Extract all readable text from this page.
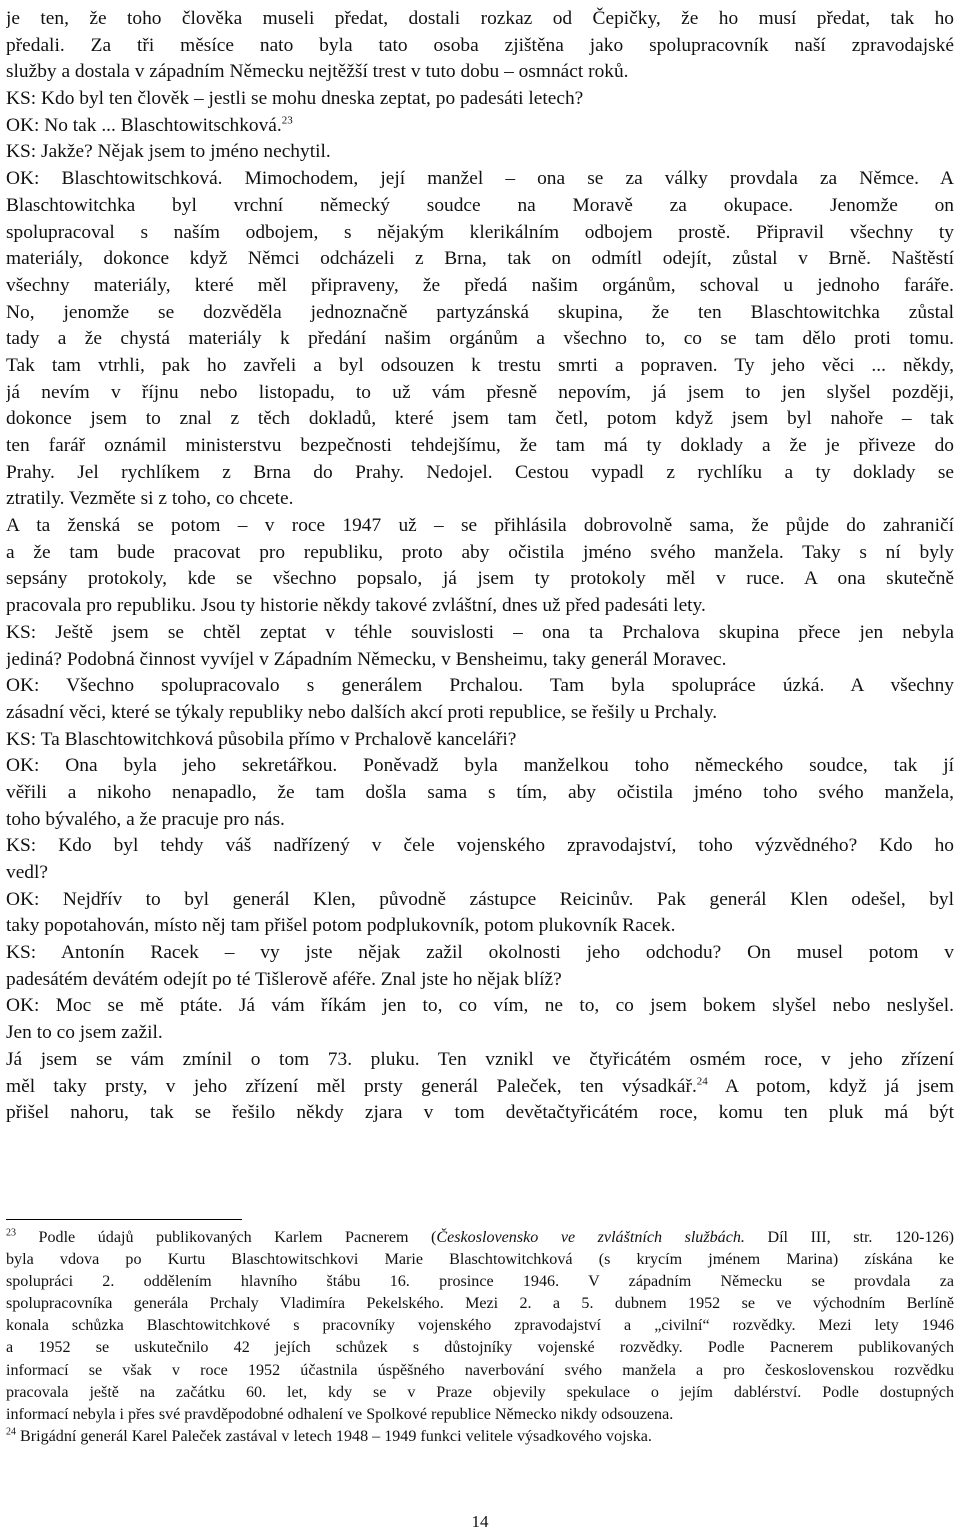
je ten, že toho člověka museli předat, dostali rozkaz od Čepičky, že ho musí předat, tak ho
předali. Za tři měsíce nato byla tato osoba zjištěna jako spolupracovník naší zpravodajské
služby a dostala v západním Německu nejtěžší trest v tuto dobu – osmnáct roků.
KS: Kdo byl ten člověk – jestli se mohu dneska zeptat, po padesáti letech?
OK: No tak ... Blaschtowitschková.$^{23}$
KS: Jakže? Nějak jsem to jméno nechytil.
OK: Blaschtowitschková. Mimochodem, její manžel – ona se za války provdala za Němce. A
Blaschtowitchka byl vrchní německý soudce na Moravě za okupace. Jenomže on
spolupracoval s naším odbojem, s nějakým klerikálním odbojem prostě. Připravil všechny ty
materiály, dokonce když Němci odcházeli z Brna, tak on odmítl odejít, zůstal v Brně. Naštěstí
všechny materiály, které měl připraveny, že předá našim orgánům, schoval u jednoho faráře.
No, jenomže se dozvěděla jednoznačně partyzánská skupina, že ten Blaschtowitchka zůstal
tady a že chystá materiály k předání našim orgánům a všechno to, co se tam dělo proti tomu.
Tak tam vtrhli, pak ho zavřeli a byl odsouzen k trestu smrti a popraven. Ty jeho věci ... někdy,
já nevím v říjnu nebo listopadu, to už vám přesně nepovím, já jsem to jen slyšel později,
dokonce jsem to znal z těch dokladů, které jsem tam četl, potom když jsem byl nahoře – tak
ten farář oznámil ministerstvu bezpečnosti tehdejšímu, že tam má ty doklady a že je přiveze do
Prahy. Jel rychlíkem z Brna do Prahy. Nedojel. Cestou vypadl z rychlíku a ty doklady se
ztratily. Vezměte si z toho, co chcete.
A ta ženská se potom – v roce 1947 už – se přihlásila dobrovolně sama, že půjde do zahraničí
a že tam bude pracovat pro republiku, proto aby očistila jméno svého manžela. Taky s ní byly
sepsány protokoly, kde se všechno popsalo, já jsem ty protokoly měl v ruce. A ona skutečně
pracovala pro republiku. Jsou ty historie někdy takové zvláštní, dnes už před padesáti lety.
KS: Ještě jsem se chtěl zeptat v téhle souvislosti – ona ta Prchalova skupina přece jen nebyla
jediná? Podobná činnost vyvíjel v Západním Německu, v Bensheimu, taky generál Moravec.
OK: Všechno spolupracovalo s generálem Prchalou. Tam byla spolupráce úzká. A všechny
zásadní věci, které se týkaly republiky nebo dalších akcí proti republice, se řešily u Prchaly.
KS: Ta Blaschtowitchková působila přímo v Prchalově kanceláři?
OK: Ona byla jeho sekretářkou. Poněvadž byla manželkou toho německého soudce, tak jí
věřili a nikoho nenapadlo, že tam došla sama s tím, aby očistila jméno toho svého manžela,
toho bývalého, a že pracuje pro nás.
KS: Kdo byl tehdy váš nadřízený v čele vojenského zpravodajství, toho výzvědného? Kdo ho
vedl?
OK: Nejdřív to byl generál Klen, původně zástupce Reicinův. Pak generál Klen odešel, byl
taky popotahován, místo něj tam přišel potom podplukovník, potom plukovník Racek.
KS: Antonín Racek – vy jste nějak zažil okolnosti jeho odchodu? On musel potom v
padesátém devátém odejít po té Tišlerově aféře. Znal jste ho nějak blíž?
OK: Moc se mě ptáte. Já vám říkám jen to, co vím, ne to, co jsem bokem slyšel nebo neslyšel.
Jen to co jsem zažil.
Já jsem se vám zmínil o tom 73. pluku. Ten vznikl ve čtyřicátém osmém roce, v jeho zřízení
měl taky prsty, v jeho zřízení měl prsty generál Paleček, ten výsadkář.$^{24}$ A potom, když já jsem
přišel nahoru, tak se řešilo někdy zjara v tom devětačtyřicátém roce, komu ten pluk má být
$^{23}$ Podle údajů publikovaných Karlem Pacnerem (Československo ve zvláštních službách. Díl III, str. 120-126)
byla vdova po Kurtu Blaschtowitschkovi Marie Blaschtowitchková (s krycím jménem Marina) získána ke
spolupráci 2. oddělením hlavního štábu 16. prosince 1946. V západním Německu se provdala za
spolupracovníka generála Prchaly Vladimíra Pekelského. Mezi 2. a 5. dubnem 1952 se ve východním Berlíně
konala schůzka Blaschtowitchkové s pracovníky vojenského zpravodajství a „civilní“ rozvědky. Mezi lety 1946
a 1952 se uskutečnilo 42 jejích schůzek s důstojníky vojenské rozvědky. Podle Pacnerem publikovaných
informací se však v roce 1952 účastnila úspěšného naverbování svého manžela a pro československou rozvědku
pracovala ještě na začátku 60. let, kdy se v Praze objevily spekulace o jejím dablérství. Podle dostupných
informací nebyla i přes své pravděpodobné odhalení ve Spolkové republice Německo nikdy odsouzena.
$^{24}$ Brigádní generál Karel Paleček zastával v letech 1948 – 1949 funkci velitele výsadkového vojska.
14
